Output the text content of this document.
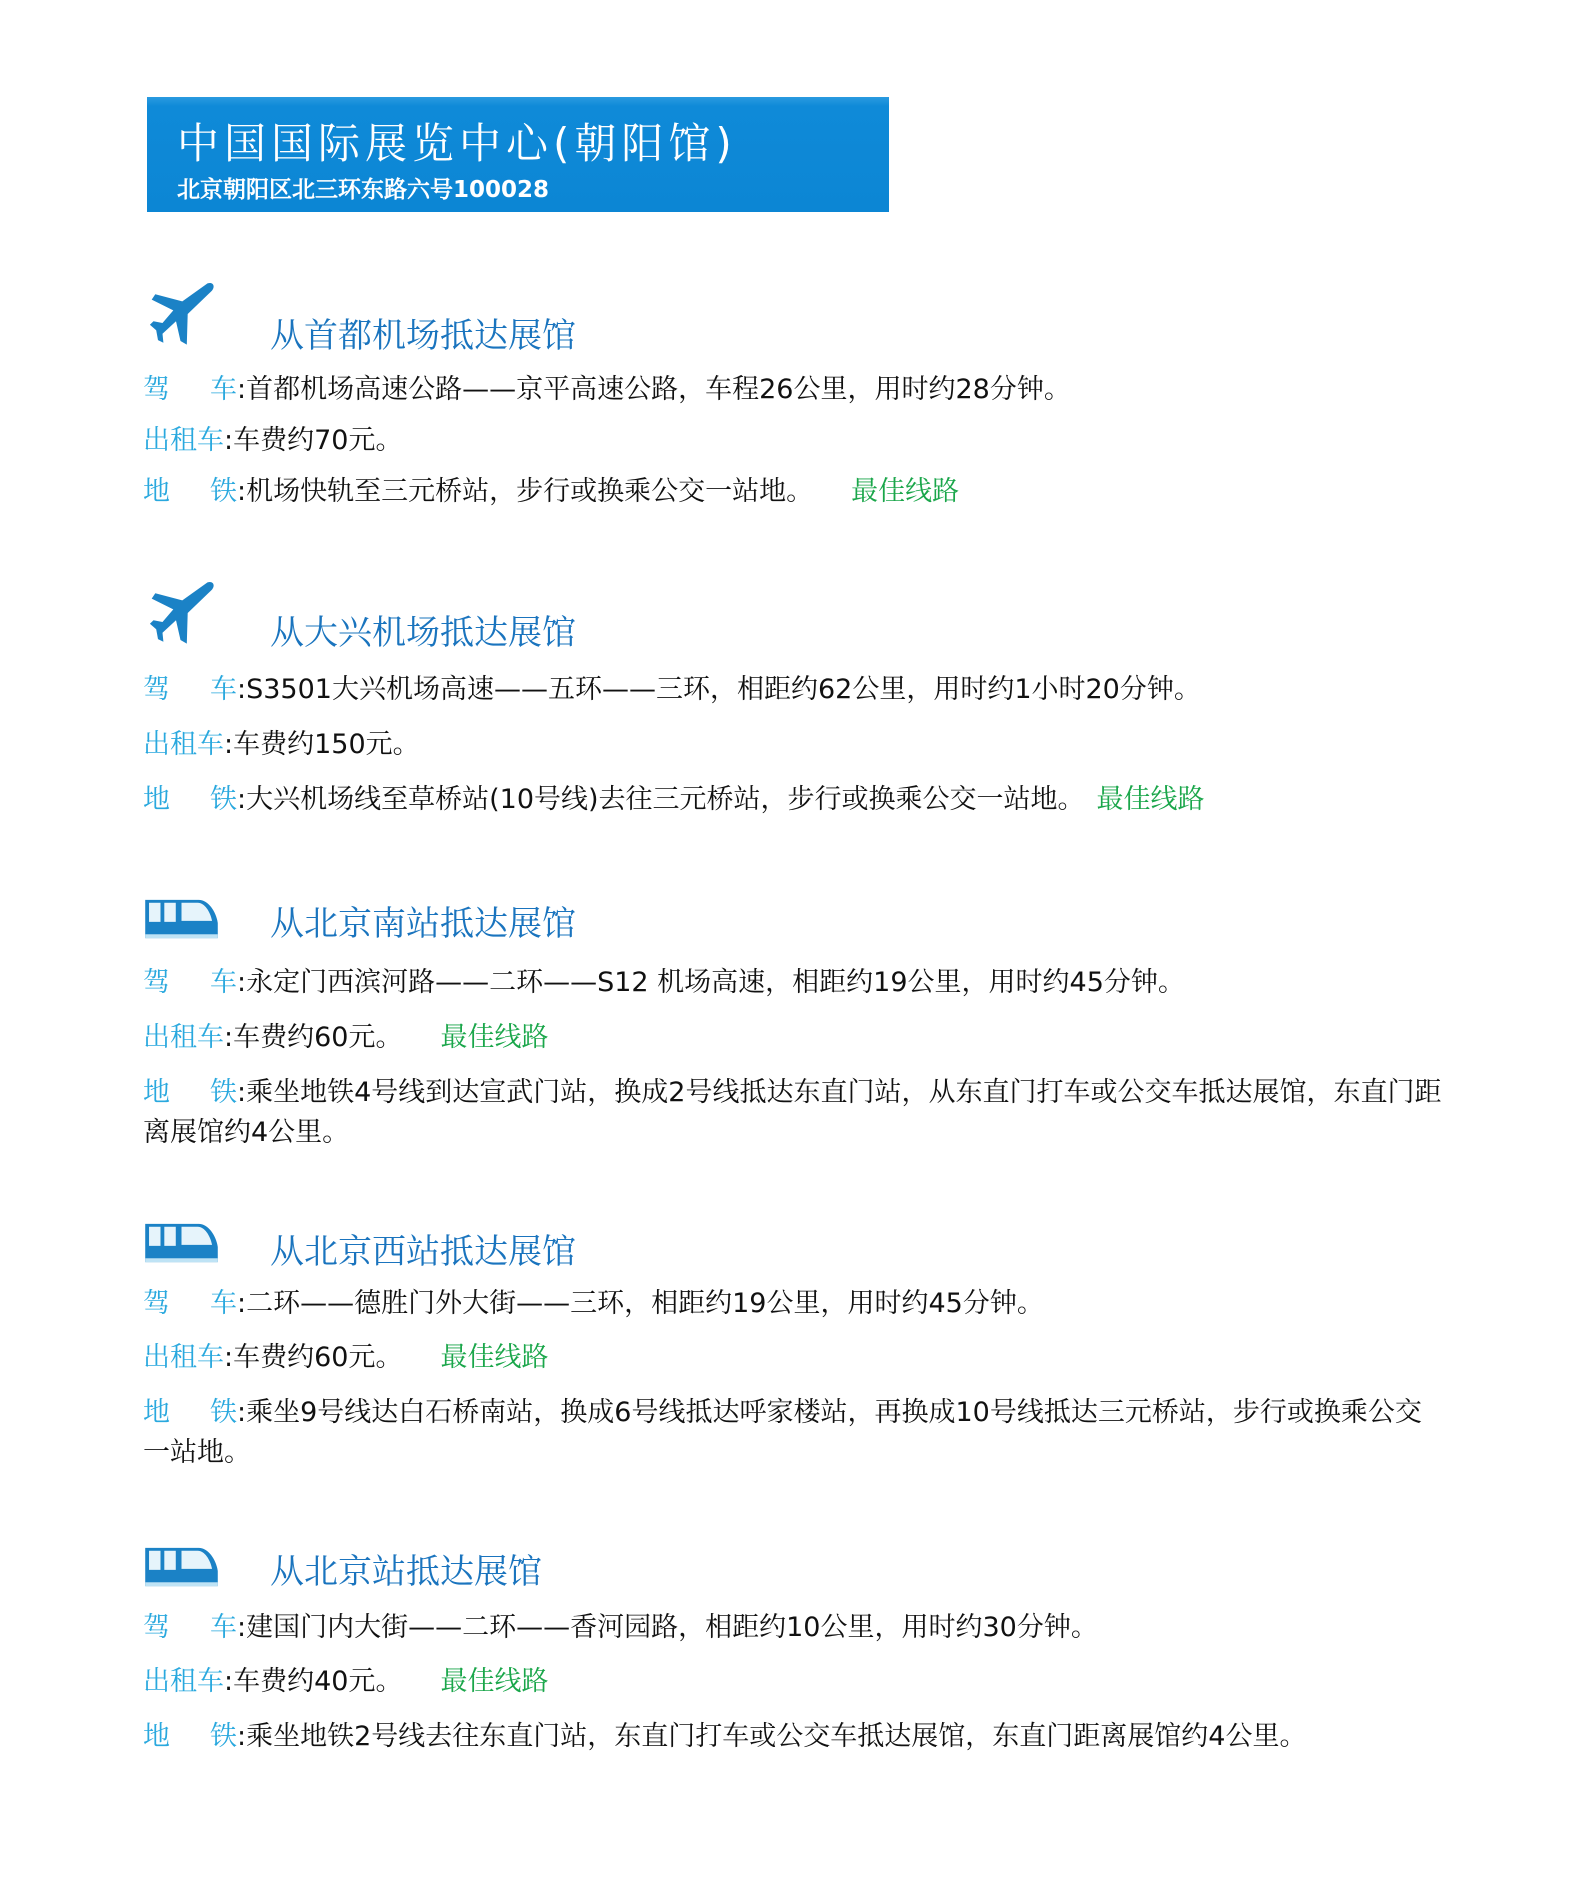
中国国际展览中心(朝阳馆)
北京朝阳区北三环东路六号100028
从首都机场抵达展馆
驾 车:首都机场高速公路——京平高速公路，车程26公里，用时约28分钟。
出租车:车费约70元。
地 铁:机场快轨至三元桥站，步行或换乘公交一站地。 最佳线路
从大兴机场抵达展馆
驾 车:S3501大兴机场高速——五环——三环，相距约62公里，用时约1小时20分钟。
出租车:车费约150元。
地 铁:大兴机场线至草桥站(10号线)去往三元桥站，步行或换乘公交一站地。 最佳线路
从北京南站抵达展馆
驾 车:永定门西滨河路——二环——S12 机场高速，相距约19公里，用时约45分钟。
出租车:车费约60元。 最佳线路
地 铁:乘坐地铁4号线到达宣武门站，换成2号线抵达东直门站，从东直门打车或公交车抵达展馆，东直门距离展馆约4公里。
从北京西站抵达展馆
驾 车:二环——德胜门外大街——三环，相距约19公里，用时约45分钟。
出租车:车费约60元。 最佳线路
地 铁:乘坐9号线达白石桥南站，换成6号线抵达呼家楼站，再换成10号线抵达三元桥站，步行或换乘公交一站地。
从北京站抵达展馆
驾 车:建国门内大街——二环——香河园路，相距约10公里，用时约30分钟。
出租车:车费约40元。 最佳线路
地 铁:乘坐地铁2号线去往东直门站，东直门打车或公交车抵达展馆，东直门距离展馆约4公里。
